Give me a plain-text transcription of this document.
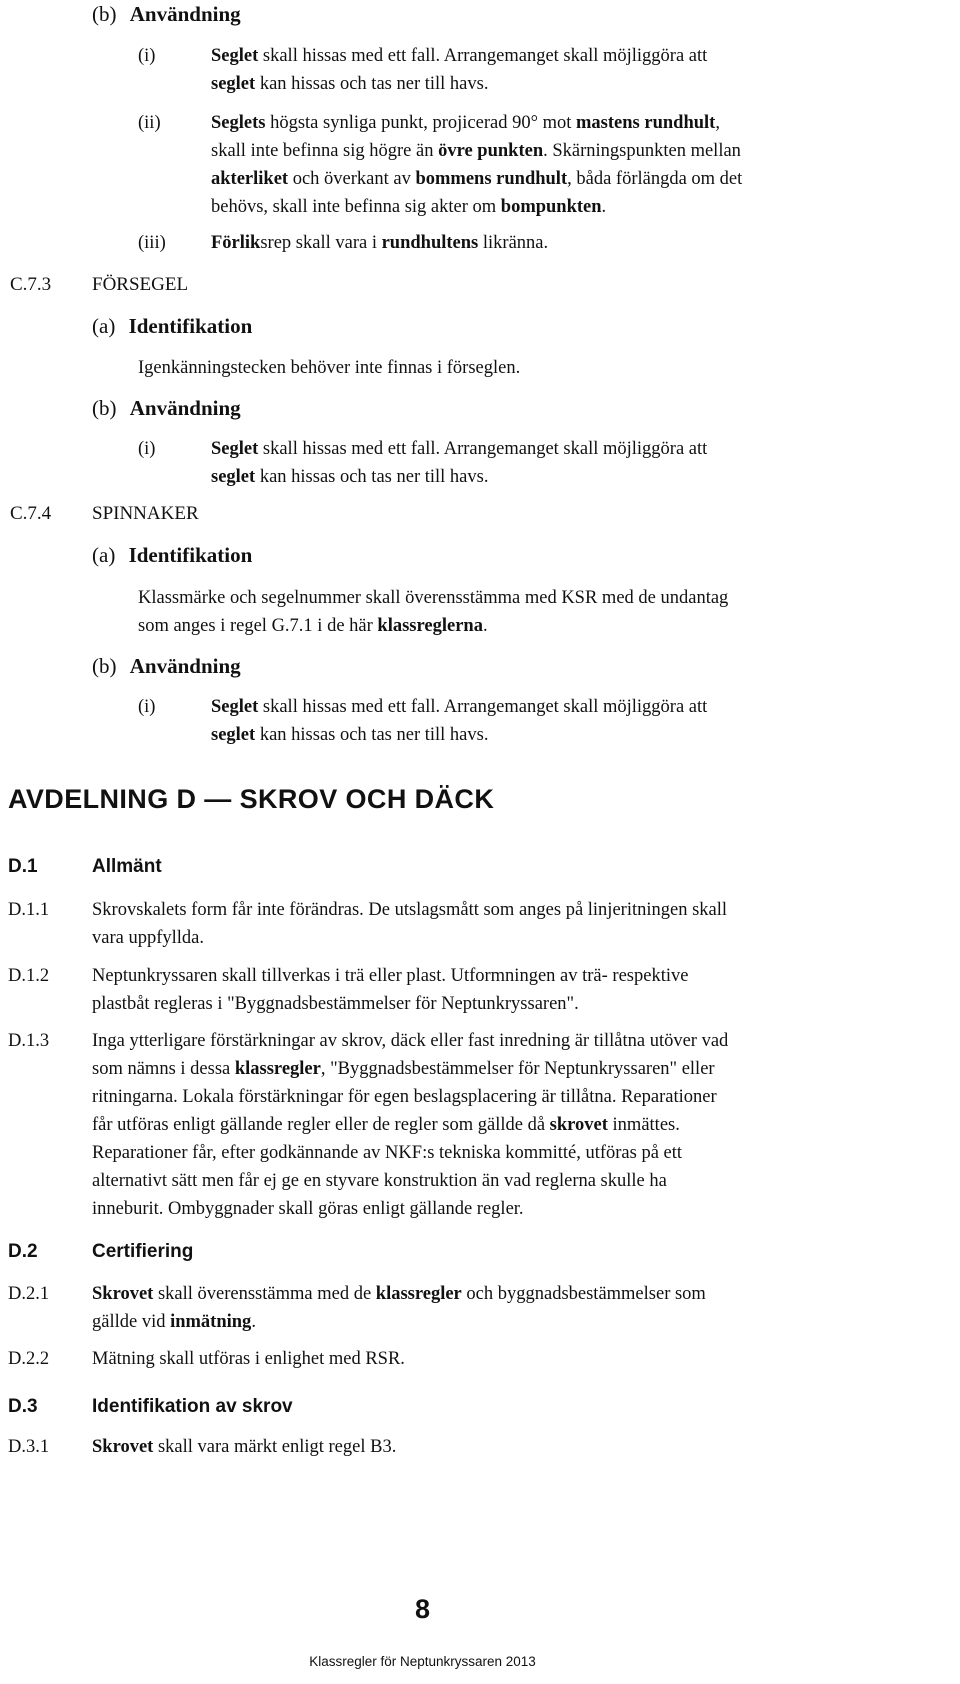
(b) Användning
(i)	Seglet skall hissas med ett fall. Arrangemanget skall möjliggöra att
seglet kan hissas och tas ner till havs.
(ii)	Seglets högsta synliga punkt, projicerad 90° mot mastens rundhult,
skall inte befinna sig högre än övre punkten. Skärningspunkten mellan
akterliket och överkant av bommens rundhult, båda förlängda om det
behövs, skall inte befinna sig akter om bompunkten.
(iii) Förliksrep skall vara i rundhultens likränna.
C.7.3 FÖRSEGEL
(a) Identifikation
Igenkänningstecken behöver inte finnas i förseglen.
(b) Användning
(i)	Seglet skall hissas med ett fall. Arrangemanget skall möjliggöra att
seglet kan hissas och tas ner till havs.
C.7.4 SPINNAKER
(a) Identifikation
Klassmärke och segelnummer skall överensstämma med KSR med de undantag
som anges i regel G.7.1 i de här klassreglerna.
(b) Användning
(i)	Seglet skall hissas med ett fall. Arrangemanget skall möjliggöra att
seglet kan hissas och tas ner till havs.
AVDELNING D — SKROV OCH DÄCK
D.1	Allmänt
D.1.1 Skrovskalets form får inte förändras. De utslagsmått som anges på linjeritningen skall
vara uppfyllda.
D.1.2 Neptunkryssaren skall tillverkas i trä eller plast. Utformningen av trä- respektive
plastbåt regleras i "Byggnadsbestämmelser för Neptunkryssaren".
D.1.3 Inga ytterligare förstärkningar av skrov, däck eller fast inredning är tillåtna utöver vad
som nämns i dessa klassregler, "Byggnadsbestämmelser för Neptunkryssaren" eller
ritningarna. Lokala förstärkningar för egen beslagsplacering är tillåtna. Reparationer
får utföras enligt gällande regler eller de regler som gällde då skrovet inmättes.
Reparationer får, efter godkännande av NKF:s tekniska kommitté, utföras på ett
alternativt sätt men får ej ge en styvare konstruktion än vad reglerna skulle ha
inneburit. Ombyggnader skall göras enligt gällande regler.
D.2	Certifiering
D.2.1 Skrovet skall överensstämma med de klassregler och byggnadsbestämmelser som
gällde vid inmätning.
D.2.2 Mätning skall utföras i enlighet med RSR.
D.3	Identifikation av skrov
D.3.1 Skrovet skall vara märkt enligt regel B3.
8
Klassregler för Neptunkryssaren 2013
